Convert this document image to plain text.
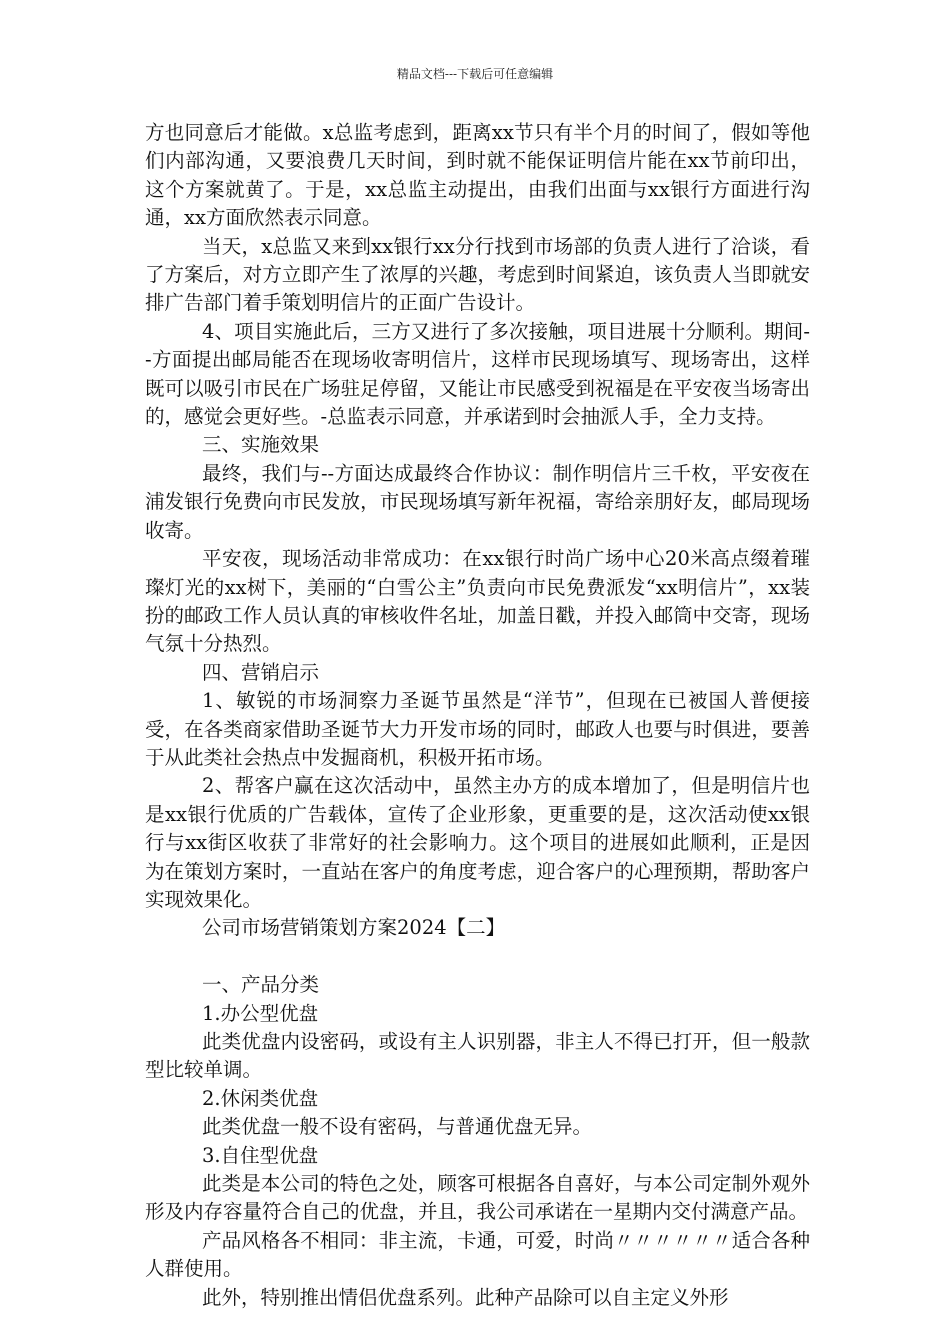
精品文档---下载后可任意编辑

方也同意后才能做。x总监考虑到，距离xx节只有半个月的时间了，假如等他们内部沟通，又要浪费几天时间，到时就不能保证明信片能在xx节前印出，这个方案就黄了。于是，xx总监主动提出，由我们出面与xx银行方面进行沟通，xx方面欣然表示同意。

当天，x总监又来到xx银行xx分行找到市场部的负责人进行了洽谈，看了方案后，对方立即产生了浓厚的兴趣，考虑到时间紧迫，该负责人当即就安排广告部门着手策划明信片的正面广告设计。

4、项目实施此后，三方又进行了多次接触，项目进展十分顺利。期间--方面提出邮局能否在现场收寄明信片，这样市民现场填写、现场寄出，这样既可以吸引市民在广场驻足停留，又能让市民感受到祝福是在平安夜当场寄出的，感觉会更好些。-总监表示同意，并承诺到时会抽派人手，全力支持。

三、实施效果

最终，我们与--方面达成最终合作协议：制作明信片三千枚，平安夜在浦发银行免费向市民发放，市民现场填写新年祝福，寄给亲朋好友，邮局现场收寄。

平安夜，现场活动非常成功：在xx银行时尚广场中心20米高点缀着璀璨灯光的xx树下，美丽的“白雪公主”负责向市民免费派发“xx明信片”，xx装扮的邮政工作人员认真的审核收件名址，加盖日戳，并投入邮筒中交寄，现场气氛十分热烈。

四、营销启示

1、敏锐的市场洞察力圣诞节虽然是“洋节”，但现在已被国人普便接受，在各类商家借助圣诞节大力开发市场的同时，邮政人也要与时俱进，要善于从此类社会热点中发掘商机，积极开拓市场。

2、帮客户赢在这次活动中，虽然主办方的成本增加了，但是明信片也是xx银行优质的广告载体，宣传了企业形象，更重要的是，这次活动使xx银行与xx街区收获了非常好的社会影响力。这个项目的进展如此顺利，正是因为在策划方案时，一直站在客户的角度考虑，迎合客户的心理预期，帮助客户实现效果化。

公司市场营销策划方案2024【二】

一、产品分类

1.办公型优盘

此类优盘内设密码，或设有主人识别器，非主人不得已打开，但一般款型比较单调。

2.休闲类优盘

此类优盘一般不设有密码，与普通优盘无异。

3.自住型优盘

此类是本公司的特色之处，顾客可根据各自喜好，与本公司定制外观外形及内存容量符合自己的优盘，并且，我公司承诺在一星期内交付满意产品。

产品风格各不相同：非主流，卡通，可爱，时尚〃〃〃〃〃〃适合各种人群使用。

此外，特别推出情侣优盘系列。此种产品除可以自主定义外形
